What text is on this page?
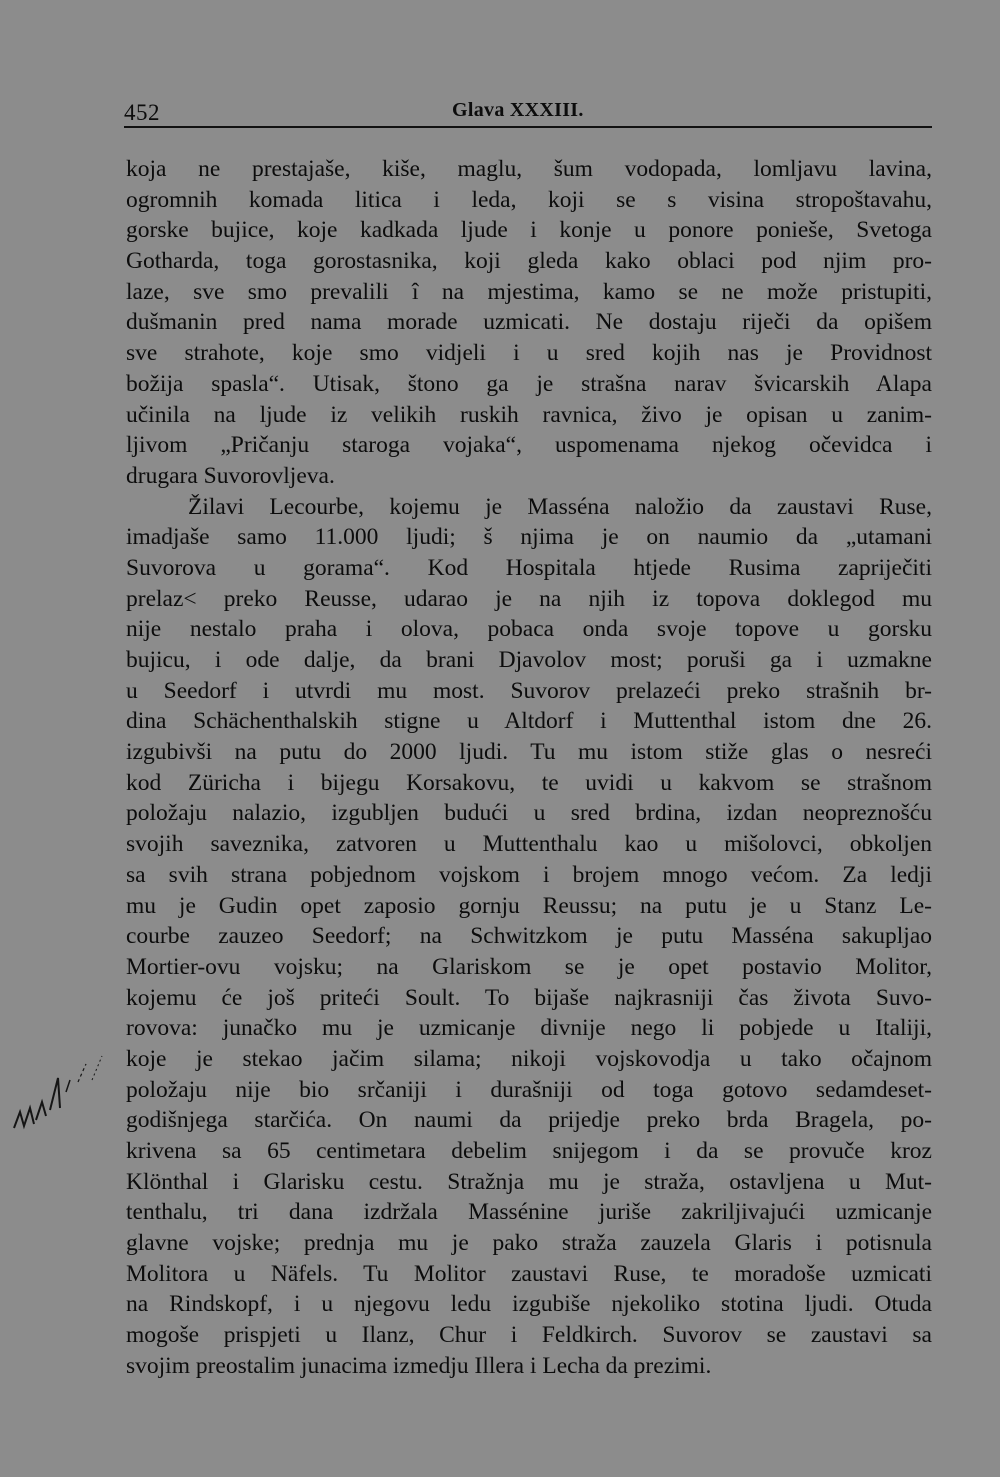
452	Glava XXXIII.
koja ne prestajaše, kiše, maglu, šum vodopada, lomljavu lavina,
ogromnih komada litica i leda, koji se s visina stropoštavahu,
gorske bujice, koje kadkada ljude i konje u ponore ponieše, Svetoga
Gotharda, toga gorostasnika, koji gleda kako oblaci pod njim pro-
laze, sve smo prevalili î na mjestima, kamo se ne može pristupiti,
dušmanin pred nama morade uzmicati. Ne dostaju riječi da opišem
sve strahote, koje smo vidjeli i u sred kojih nas je Providnost
božija spasla“. Utisak, štono ga je strašna narav švicarskih Alapa
učinila na ljude iz velikih ruskih ravnica, živo je opisan u zanim-
ljivom „Pričanju staroga vojaka“, uspomenama njekog očevidca i
drugara Suvorovljeva.
Žilavi Lecourbe, kojemu je Masséna naložio da zaustavi Ruse,
imadjaše samo 11.000 ljudi; š njima je on naumio da „utamani
Suvorova u gorama“. Kod Hospitala htjede Rusima zapriječiti
prelaz< preko Reusse, udarao je na njih iz topova doklegod mu
nije nestalo praha i olova, pobaca onda svoje topove u gorsku
bujicu, i ode dalje, da brani Djavolov most; poruši ga i uzmakne
u Seedorf i utvrdi mu most. Suvorov prelazeći preko strašnih br-
dina Schächenthalskih stigne u Altdorf i Muttenthal istom dne 26.
izgubivši na putu do 2000 ljudi. Tu mu istom stiže glas o nesreći
kod Züricha i bijegu Korsakovu, te uvidi u kakvom se strašnom
položaju nalazio, izgubljen budući u sred brdina, izdan neopreznošću
svojih saveznika, zatvoren u Muttenthalu kao u mišolovci, obkoljen
sa svih strana pobjednom vojskom i brojem mnogo većom. Za ledji
mu je Gudin opet zaposio gornju Reussu; na putu je u Stanz Le-
courbe zauzeo Seedorf; na Schwitzkom je putu Masséna sakupljao
Mortier-ovu vojsku; na Glariskom se je opet postavio Molitor,
kojemu će još pritеći Soult. To bijaše najkrasniji čas života Suvo-
rovova: junačko mu je uzmicanje divnije nego li pobjede u Italiji,
koje je stekao jačim silama; nikoji vojskovodja u tako očajnom
položaju nije bio srčaniji i durašniji od toga gotovo sedamdeset-
godišnjega starčića. On naumi da prijedje preko brda Bragela, po-
krivena sa 65 centimetara debelim snijegom i da se provuče kroz
Klönthal i Glarisku cestu. Stražnja mu je straža, ostavljena u Mut-
tenthalu, tri dana izdržala Massénine juriše zakriljivajući uzmicanje
glavne vojske; prednja mu je pako straža zauzela Glaris i potisnula
Molitora u Näfels. Tu Molitor zaustavi Ruse, te moradoše uzmicati
na Rindskopf, i u njegovu ledu izgubiše njekoliko stotina ljudi. Otuda
mogoše prispjeti u Ilanz, Chur i Feldkirch. Suvorov se zaustavi sa
svojim preostalim junacima izmedju Illera i Lecha da prezimi.
